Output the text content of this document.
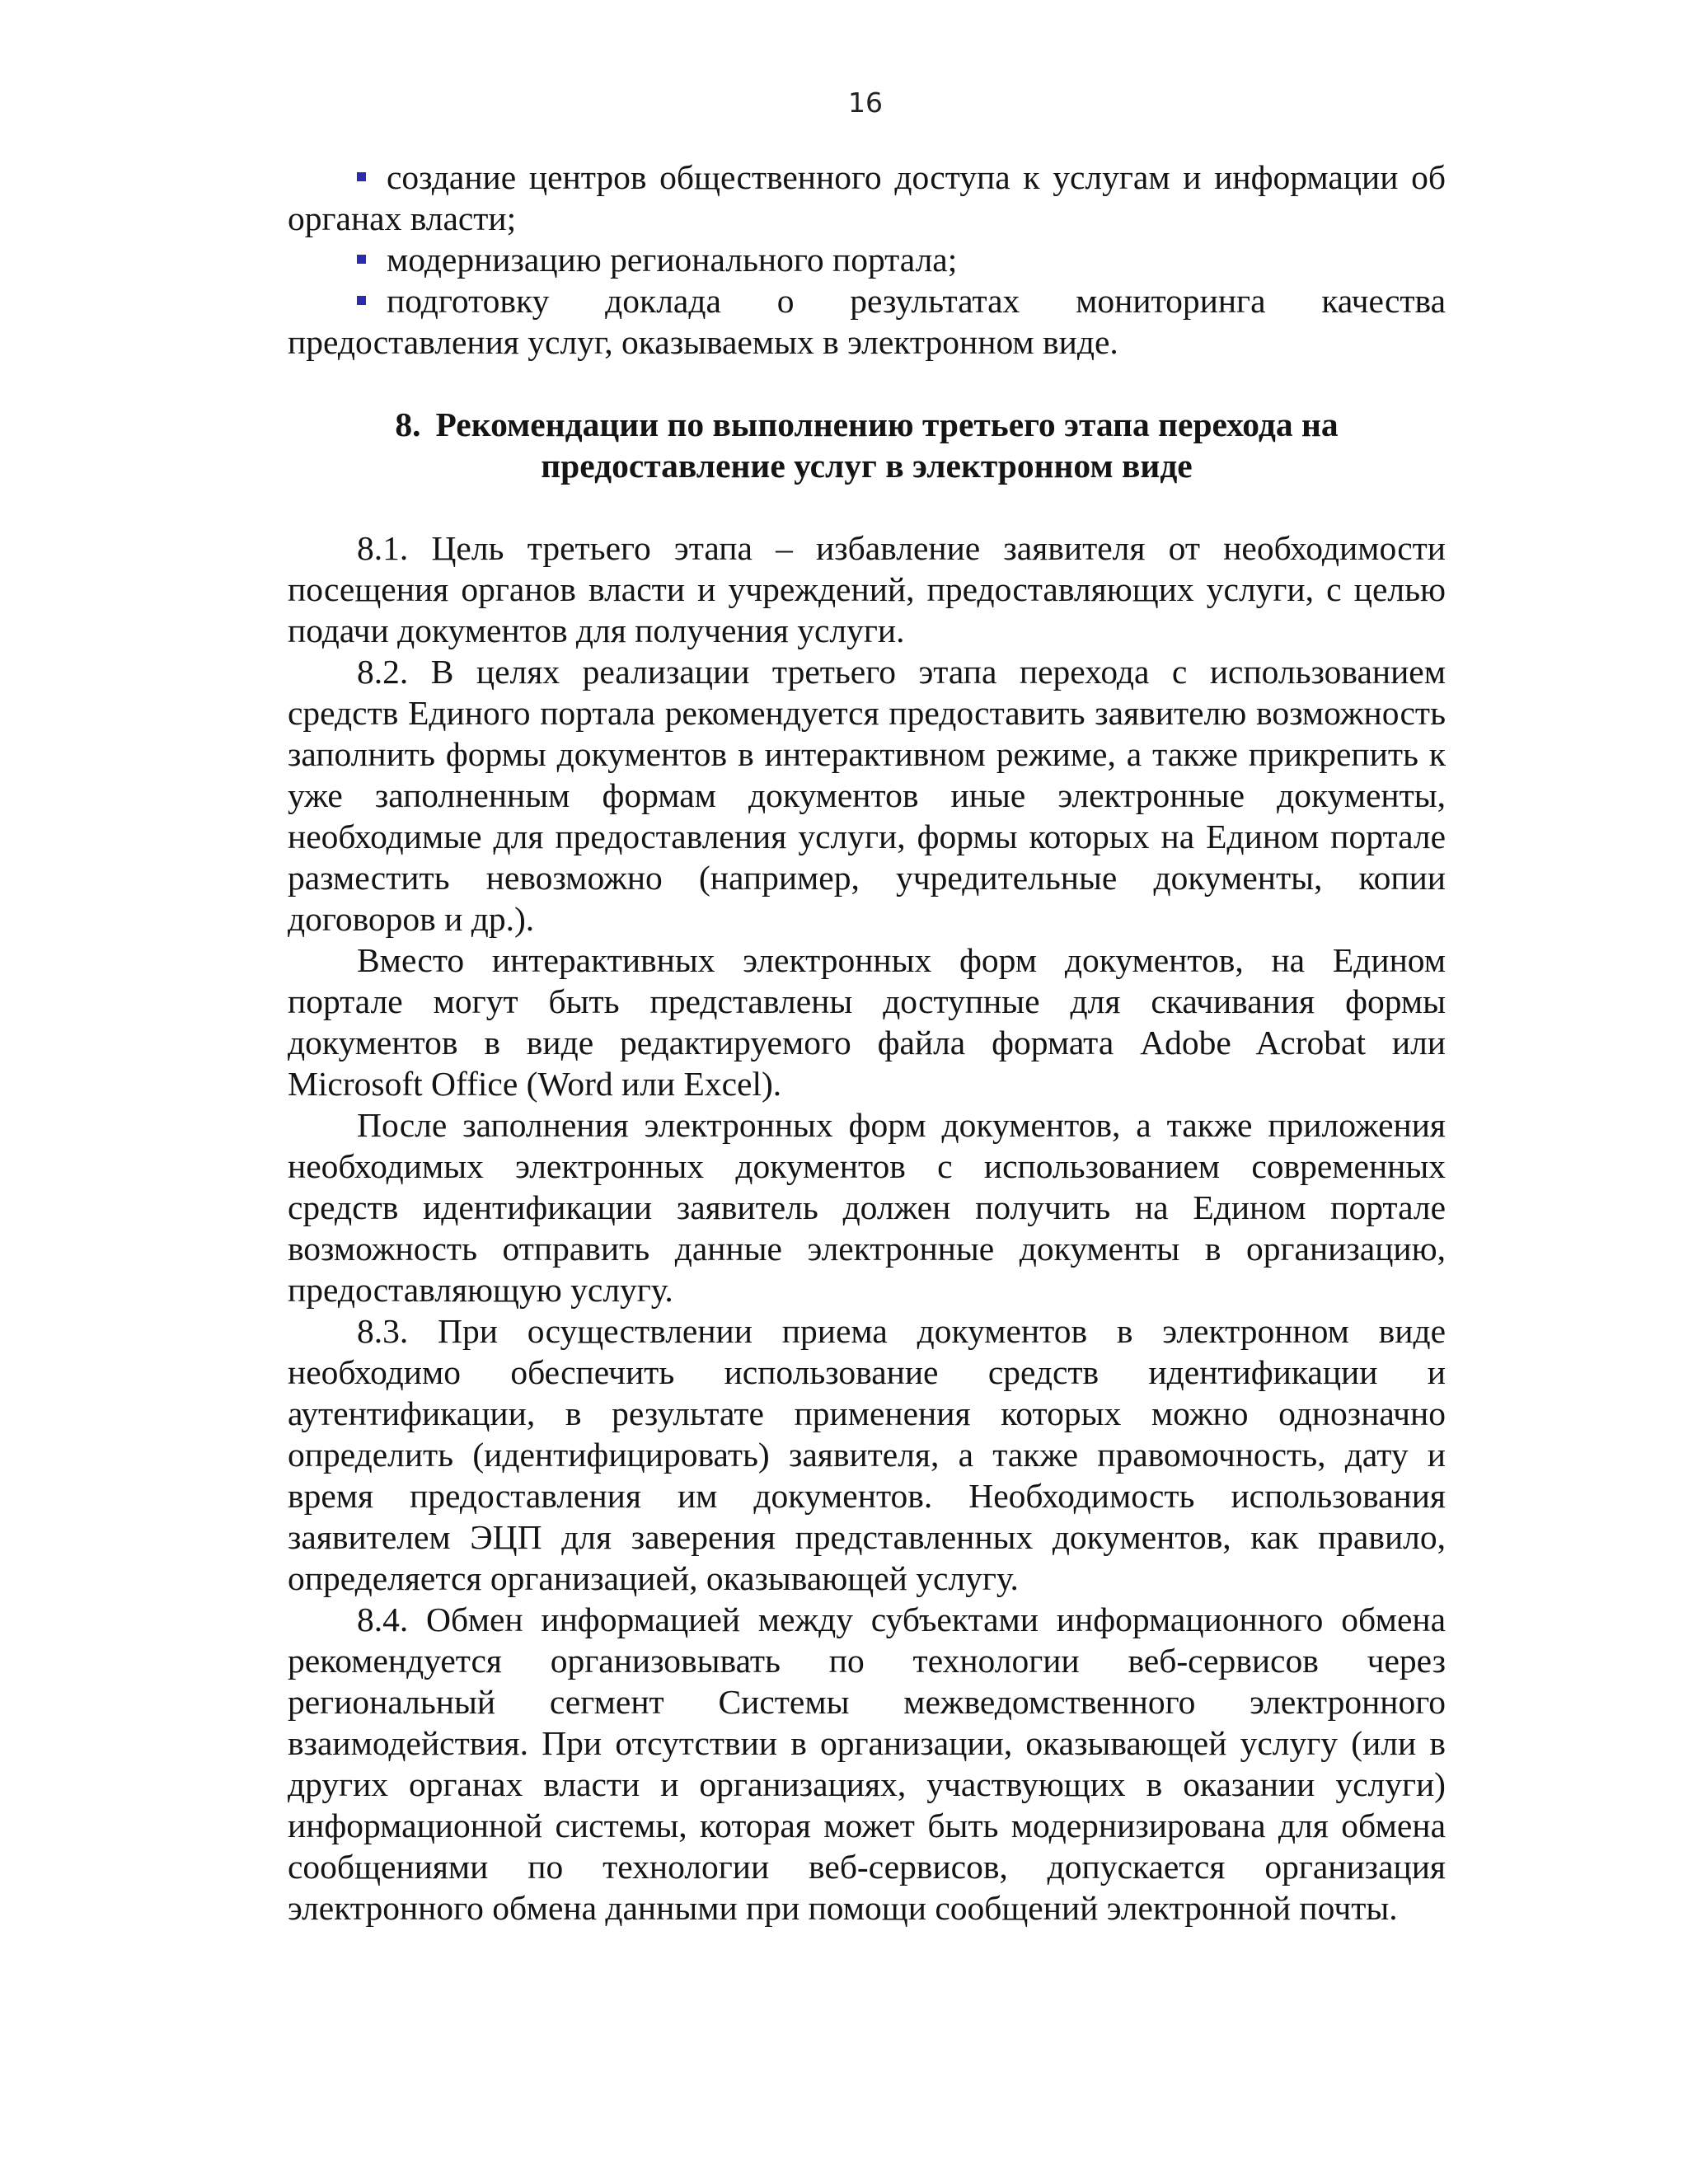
16

создание центров общественного доступа к услугам и информации об органах власти;

модернизацию регионального портала;

подготовку доклада о результатах мониторинга качества предоставления услуг, оказываемых в электронном виде.

8. Рекомендации по выполнению третьего этапа перехода на
предоставление услуг в электронном виде

8.1. Цель третьего этапа – избавление заявителя от необходимости посещения органов власти и учреждений, предоставляющих услуги, с целью подачи документов для получения услуги.

8.2. В целях реализации третьего этапа перехода с использованием средств Единого портала рекомендуется предоставить заявителю возможность заполнить формы документов в интерактивном режиме, а также прикрепить к уже заполненным формам документов иные электронные документы, необходимые для предоставления услуги, формы которых на Едином портале разместить невозможно (например, учредительные документы, копии договоров и др.).

Вместо интерактивных электронных форм документов, на Едином портале могут быть представлены доступные для скачивания формы документов в виде редактируемого файла формата Adobe Acrobat или Microsoft Office (Word или Excel).

После заполнения электронных форм документов, а также приложения необходимых электронных документов с использованием современных средств идентификации заявитель должен получить на Едином портале возможность отправить данные электронные документы в организацию, предоставляющую услугу.

8.3. При осуществлении приема документов в электронном виде необходимо обеспечить использование средств идентификации и аутентификации, в результате применения которых можно однозначно определить (идентифицировать) заявителя, а также правомочность, дату и время предоставления им документов. Необходимость использования заявителем ЭЦП для заверения представленных документов, как правило, определяется организацией, оказывающей услугу.

8.4. Обмен информацией между субъектами информационного обмена рекомендуется организовывать по технологии веб-сервисов через региональный сегмент Системы межведомственного электронного взаимодействия. При отсутствии в организации, оказывающей услугу (или в других органах власти и организациях, участвующих в оказании услуги) информационной системы, которая может быть модернизирована для обмена сообщениями по технологии веб-сервисов, допускается организация электронного обмена данными при помощи сообщений электронной почты.
